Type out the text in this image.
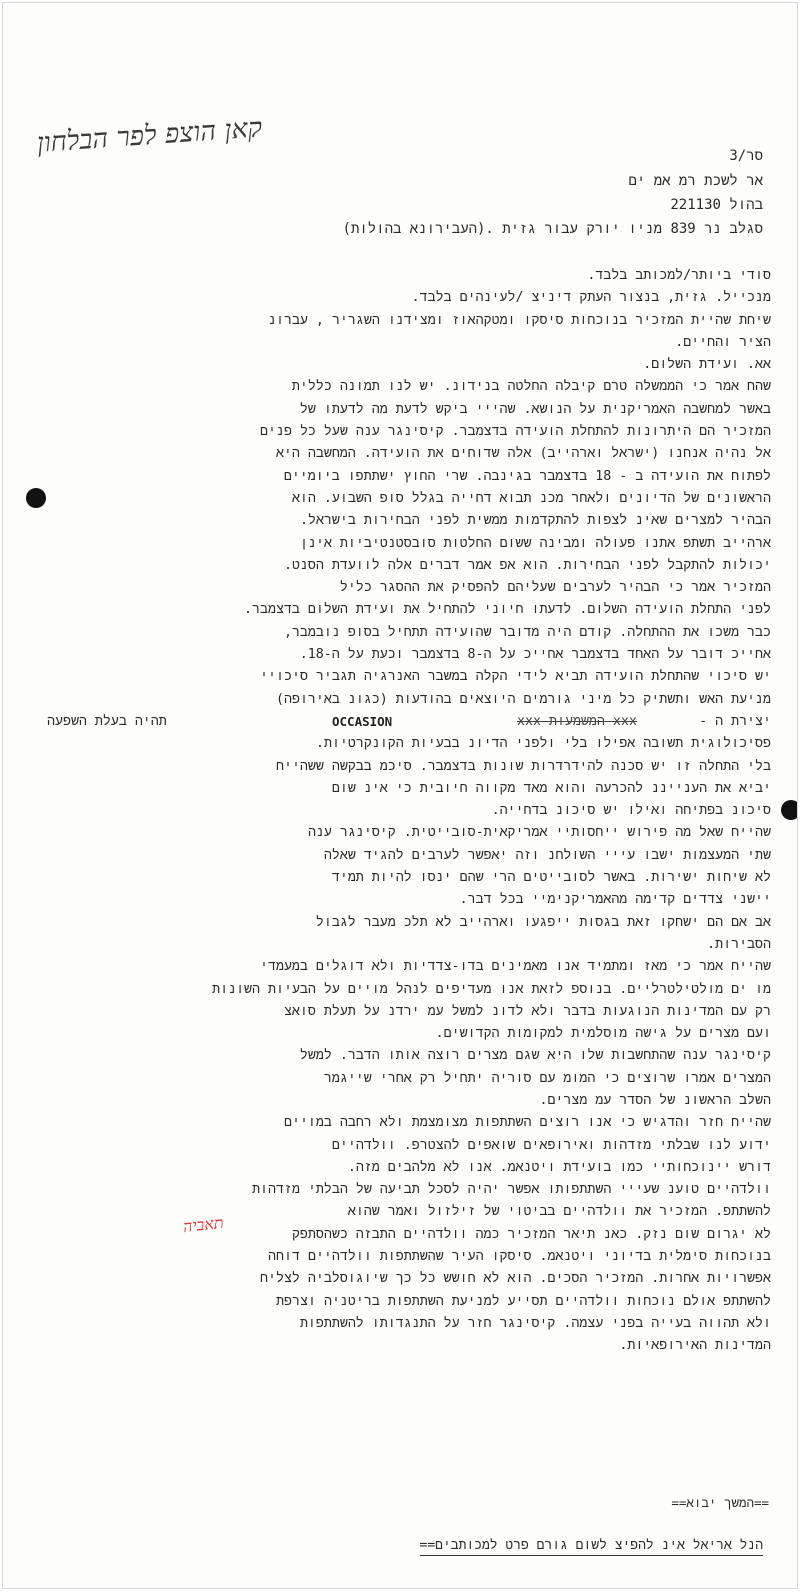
קאן הוצפ לפר הבלחון	סר/3
אר לשכת רמ אמ ים
בהול 221130
סגלב נר 839 מניו יורק עבור גזית .(העבירונא בהולות)
סודי ביותר/למכותב בלבד.
מנכייל. גזית, בנצור העתק דיניצ /לעינהים בלבד.
שיחת שהיית המזכיר בנוכחות סיסקו ומטקהאוז ומצידנו השגריר , עברונ
הציר והחיים.
אא. ועידת השלום.
שהח אמר כי הממשלה טרם קיבלה החלטה בנידונ. יש לנו תמונה כללית
באשר למחשבה האמריקנית על הנושא. שהייי ביקש לדעת מה לדעתו של
המזכיר הם היתרונות להתחלת הועידה בדצמבר. קיסינגר ענה שעל כל פנים
אל נהיה אנחנו (ישראל וארהייב) אלה שדוחים את הועידה. המחשבה היא
לפתוח את הועידה ב - 18 בדצמבר בגינבה. שרי החוץ ישתתפו ביומיים
הראשונים של הדיונים ולאחר מכנ תבוא דחייה בגלל סופ השבוע. הוא
הבהיר למצרים שאינ לצפות להתקדמות ממשית לפני הבחירות בישראל.
ארהייב תשתפ אתנו פעולה ומבינה ששום החלטות סובסטנטיביות אינן
יכולות להתקבל לפני הבחירות. הוא אפ אמר דברים אלה לוועדת הסנט.
המזכיר אמר כי הבהיר לערבים שעליהם להפסיק את ההסגר כליל
לפני התחלת הועידה השלום. לדעתו חיוני להתחיל את ועידת השלום בדצמבר.
כבר משכו את ההתחלה. קודם היה מדובר שהועידה תתחיל בסופ נובמבר,
אחייכ דובר על האחד בדצמבר אחייכ על ה-8 בדצמבר וכעת על ה-18.
יש סיכוי שהתחלת הועידה תביא לידי הקלה במשבר האנרגיה תגביר סיכויי
מניעת האש ותשתיק כל מיני גורמים היוצאים בהודעות (כגונ באירופה)
יצירת ה -
xxx המשמעות xxx
OCCASION
תהיה בעלת השפעה
פסיכולוגית תשובה אפילו בלי ולפני הדיונ בבעיות הקונקרטיות.
בלי התחלה זו יש סכנה להידרדרות שונות בדצמבר. סיכמ בבקשה ששהייח
יביא את הענייננ להכרעה והוא מאד מקווה חיובית כי אינ שום
סיכונ בפתיחה ואילו יש סיכונ בדחייה.
שהייח שאל מה פירוש ייחסותיי אמריקאית-סובייטית. קיסינגר ענה
שתי המעצמות ישבו עייי השולחנ וזה יאפשר לערבים להגיד שאלה
לא שיחות ישירות. באשר לסובייטים הרי שהם ינסו להיות תמיד
יישני צדדים קדימה מהאמריקנימיי בכל דבר.
אב אם הם ישחקו זאת בגסות ייפגעו וארהייב לא תלכ מעבר לגבול
הסבירות.
שהייח אמר כי מאז ומתמיד אנו מאמינים בדו-צדדיות ולא דוגלים במעמדי
מו ים מולטילטרליים. בנוספ לזאת אנו מעדיפים לנהל מויים על הבעיות השונות
רק עם המדינות הנוגעות בדבר ולא לדונ למשל עמ ירדנ על תעלת סואצ
ועם מצרים על גישה מוסלמית למקומות הקדושים.
קיסינגר ענה שהתחשבות שלו היא שגם מצרים רוצה אותו הדבר. למשל
המצרים אמרו שרוצים כי המומ עם סוריה יתחיל רק אחרי שייגמר
השלב הראשונ של הסדר עמ מצרים.
שהייח חזר והדגיש כי אנו רוצים השתתפות מצומצמת ולא רחבה במויים
ידוע לנו שבלתי מזדהות ואירופאים שואפים להצטרפ. וולדהיים
דורש יינוכחותיי כמו בועידת ויטנאמ. אנו לא מלהבים מזה.
וולדהיים טוענ שעייי השתתפותו אפשר יהיה לסכל תביעה של הבלתי מזדהות
להשתתפ. המזכיר את וולדהיים בביטוי של זילזול ואמר שהוא
לא יגרום שום נזק. כאנ תיאר המזכיר כמה וולדהיים התבזה כשהסתפק
בנוכחות סימלית בדיוני ויטנאמ. סיסקו העיר שהשתתפות וולדהיים דוחה
אפשרויות אחרות. המזכיר הסכים. הוא לא חושש כל כך שיוגוסלביה לצליח
להשתתפ אולם נוכחות וולדהיים תסייע למניעת השתתפות בריטניה וצרפת
ולא תהווה בעייה בפני עצמה. קיסינגר חזר על התנגדותו להשתתפות
המדינות האירופאיות.
תאביה
==המשך יבוא==
הנל אריאל אינ להפיצ לשום גורם פרט למכותבים==
